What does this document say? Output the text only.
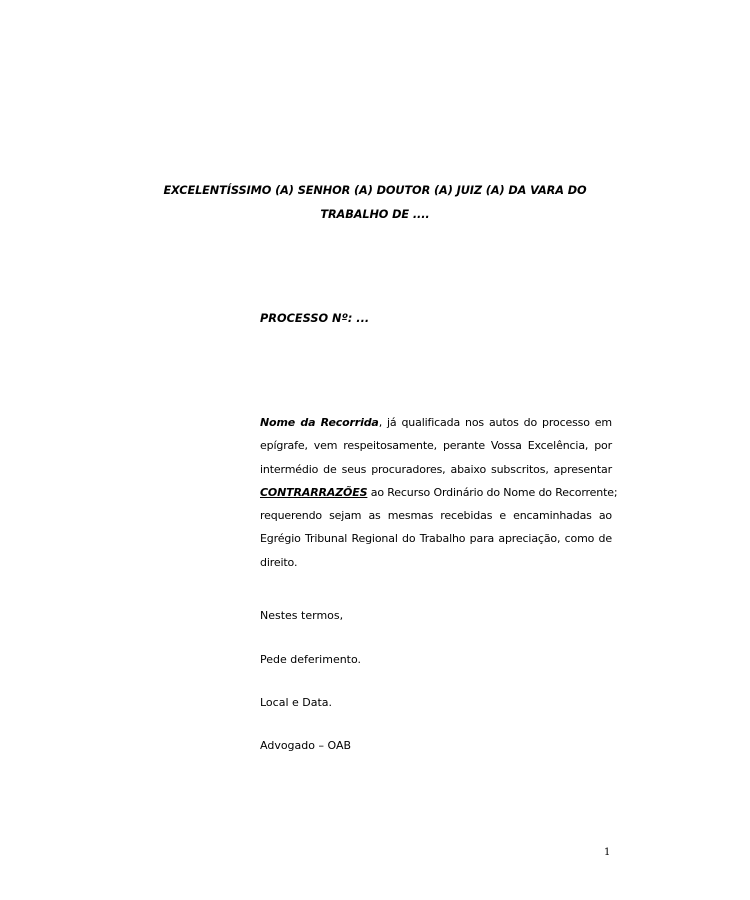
EXCELENTÍSSIMO (A) SENHOR (A) DOUTOR (A) JUIZ (A) DA VARA DO
TRABALHO DE ....
PROCESSO Nº: ...
Nome da Recorrida, já qualificada nos autos do processo em
epígrafe, vem respeitosamente, perante Vossa Excelência, por
intermédio de seus procuradores, abaixo subscritos, apresentar
CONTRARRAZÕES ao Recurso Ordinário do Nome do Recorrente;
requerendo sejam as mesmas recebidas e encaminhadas ao
Egrégio Tribunal Regional do Trabalho para apreciação, como de
direito.
Nestes termos,
Pede deferimento.
Local e Data.
Advogado – OAB
1
